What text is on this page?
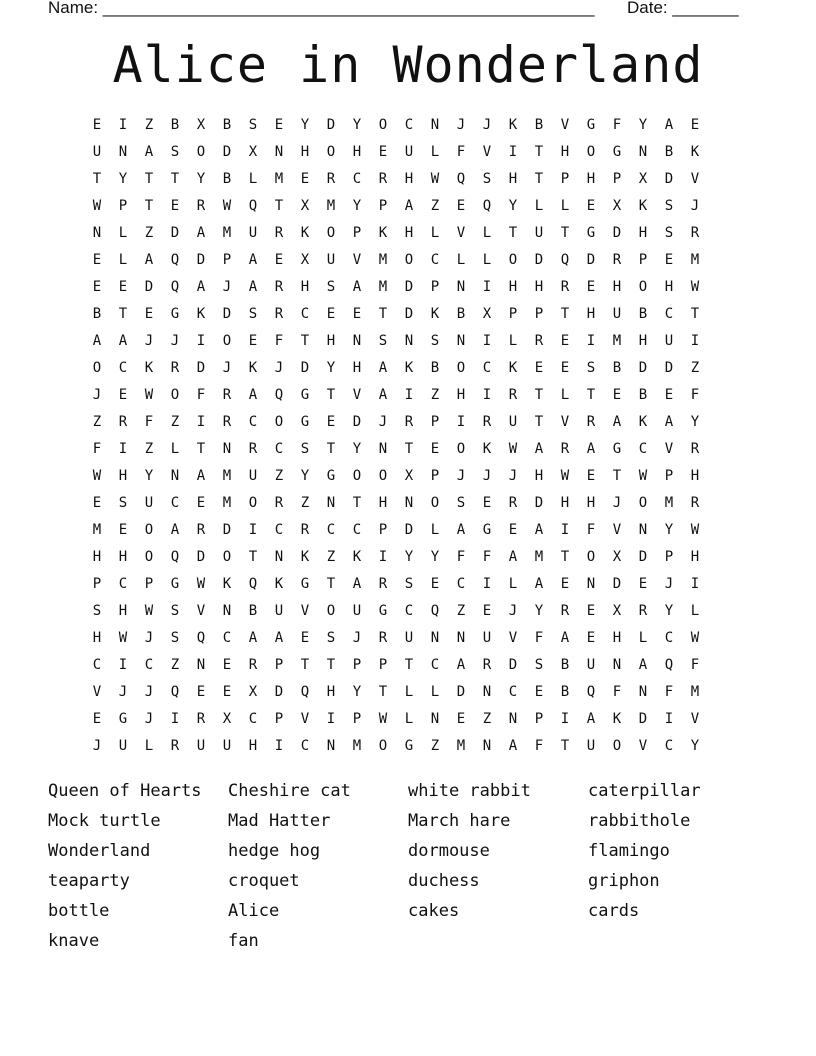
Name: ____________________________________________________ Date: _______
Alice in Wonderland
E	I	Z	B	X	B	S	E	Y	D	Y	O	C	N	J	J	K	B	V	G	F	Y	A	E
U	N	A	S	O	D	X	N	H	O	H	E	U	L	F	V	I	T	H	O	G	N	B	K
T	Y	T	T	Y	B	L	M	E	R	C	R	H	W	Q	S	H	T	P	H	P	X	D	V
W	P	T	E	R	W	Q	T	X	M	Y	P	A	Z	E	Q	Y	L	L	E	X	K	S	J
N	L	Z	D	A	M	U	R	K	O	P	K	H	L	V	L	T	U	T	G	D	H	S	R
E	L	A	Q	D	P	A	E	X	U	V	M	O	C	L	L	O	D	Q	D	R	P	E	M
E	E	D	Q	A	J	A	R	H	S	A	M	D	P	N	I	H	H	R	E	H	O	H	W
B	T	E	G	K	D	S	R	C	E	E	T	D	K	B	X	P	P	T	H	U	B	C	T
A	A	J	J	I	O	E	F	T	H	N	S	N	S	N	I	L	R	E	I	M	H	U	I
O	C	K	R	D	J	K	J	D	Y	H	A	K	B	O	C	K	E	E	S	B	D	D	Z
J	E	W	O	F	R	A	Q	G	T	V	A	I	Z	H	I	R	T	L	T	E	B	E	F
Z	R	F	Z	I	R	C	O	G	E	D	J	R	P	I	R	U	T	V	R	A	K	A	Y
F	I	Z	L	T	N	R	C	S	T	Y	N	T	E	O	K	W	A	R	A	G	C	V	R
W	H	Y	N	A	M	U	Z	Y	G	O	O	X	P	J	J	J	H	W	E	T	W	P	H
E	S	U	C	E	M	O	R	Z	N	T	H	N	O	S	E	R	D	H	H	J	O	M	R
M	E	O	A	R	D	I	C	R	C	C	P	D	L	A	G	E	A	I	F	V	N	Y	W
H	H	O	Q	D	O	T	N	K	Z	K	I	Y	Y	F	F	A	M	T	O	X	D	P	H
P	C	P	G	W	K	Q	K	G	T	A	R	S	E	C	I	L	A	E	N	D	E	J	I
S	H	W	S	V	N	B	U	V	O	U	G	C	Q	Z	E	J	Y	R	E	X	R	Y	L
H	W	J	S	Q	C	A	A	E	S	J	R	U	N	N	U	V	F	A	E	H	L	C	W
C	I	C	Z	N	E	R	P	T	T	P	P	T	C	A	R	D	S	B	U	N	A	Q	F
V	J	J	Q	E	E	X	D	Q	H	Y	T	L	L	D	N	C	E	B	Q	F	N	F	M
E	G	J	I	R	X	C	P	V	I	P	W	L	N	E	Z	N	P	I	A	K	D	I	V
J	U	L	R	U	U	H	I	C	N	M	O	G	Z	M	N	A	F	T	U	O	V	C	Y
Queen of Hearts	Cheshire cat	white rabbit	caterpillar
Mock turtle	Mad Hatter	March hare	rabbithole
Wonderland	hedge hog	dormouse	flamingo
teaparty	croquet	duchess	griphon
bottle	Alice	cakes	cards
knave	fan
